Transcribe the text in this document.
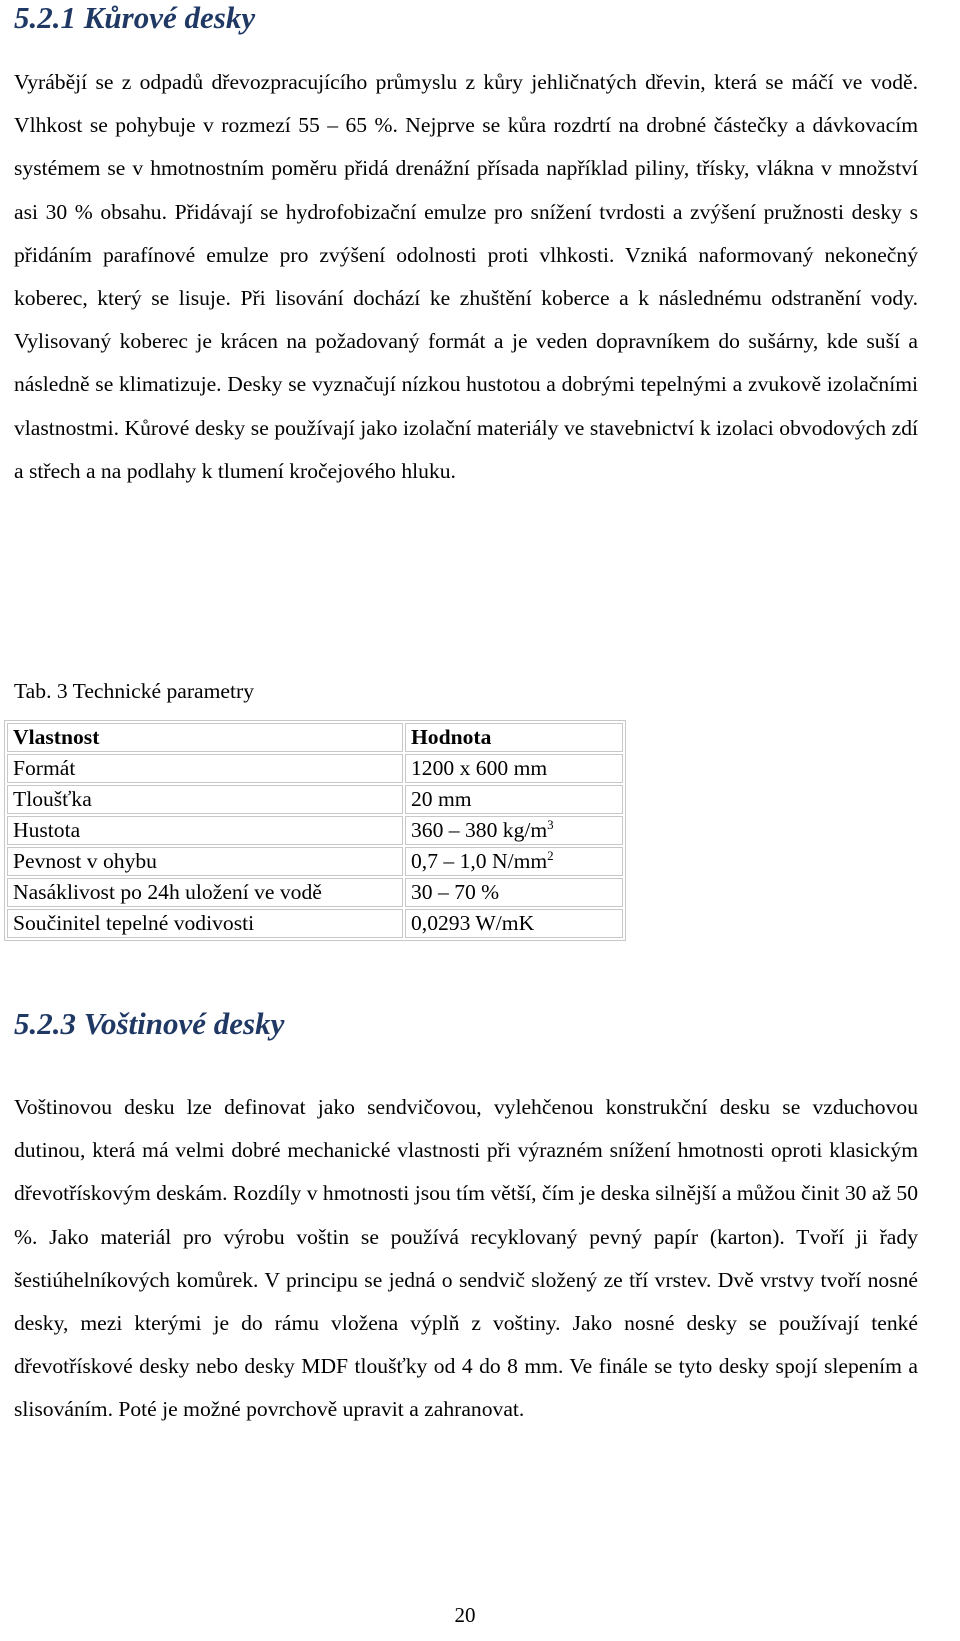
5.2.1 Kůrové desky

Vyrábějí se z odpadů dřevozpracujícího průmyslu z kůry jehličnatých dřevin, která se máčí ve vodě. Vlhkost se pohybuje v rozmezí 55 – 65 %. Nejprve se kůra rozdrtí na drobné částečky a dávkovacím systémem se v hmotnostním poměru přidá drenážní přísada například piliny, třísky, vlákna v množství asi 30 % obsahu. Přidávají se hydrofobizační emulze pro snížení tvrdosti a zvýšení pružnosti desky s přidáním parafínové emulze pro zvýšení odolnosti proti vlhkosti. Vzniká naformovaný nekonečný koberec, který se lisuje. Při lisování dochází ke zhuštění koberce a k následnému odstranění vody. Vylisovaný koberec je krácen na požadovaný formát a je veden dopravníkem do sušárny, kde suší a následně se klimatizuje. Desky se vyznačují nízkou hustotou a dobrými tepelnými a zvukově izolačními vlastnostmi. Kůrové desky se používají jako izolační materiály ve stavebnictví k izolaci obvodových zdí a střech a na podlahy k tlumení kročejového hluku.

Tab. 3 Technické parametry

Vlastnost	Hodnota
Formát	1200 x 600 mm
Tloušťka	20 mm
Hustota	360 – 380 $kg/m^3$
Pevnost v ohybu	0,7 – 1,0 $N/mm^2$
Nasáklivost po 24h uložení ve vodě	30 – 70 %
Součinitel tepelné vodivosti	0,0293 W/mK
5.2.3 Voštinové desky

Voštinovou desku lze definovat jako sendvičovou, vylehčenou konstrukční desku se vzduchovou dutinou, která má velmi dobré mechanické vlastnosti při výrazném snížení hmotnosti oproti klasickým dřevotřískovým deskám. Rozdíly v hmotnosti jsou tím větší, čím je deska silnější a můžou činit 30 až 50 %. Jako materiál pro výrobu voštin se používá recyklovaný pevný papír (karton). Tvoří ji řady šestiúhelníkových komůrek. V principu se jedná o sendvič složený ze tří vrstev. Dvě vrstvy tvoří nosné desky, mezi kterými je do rámu vložena výplň z voštiny. Jako nosné desky se používají tenké dřevotřískové desky nebo desky MDF tloušťky od 4 do 8 mm. Ve finále se tyto desky spojí slepením a slisováním. Poté je možné povrchově upravit a zahranovat.

20
